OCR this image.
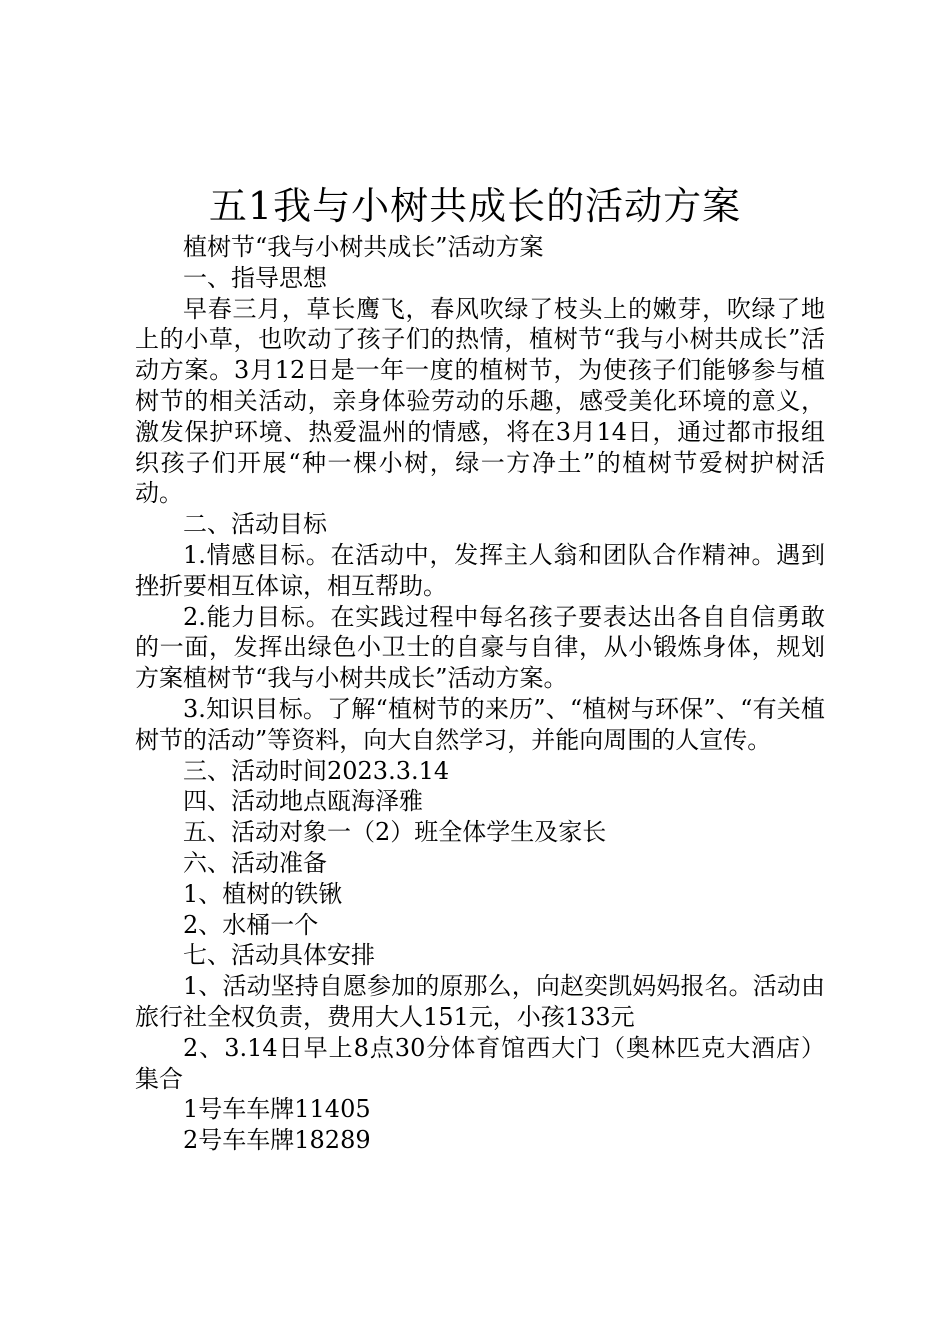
五1我与小树共成长的活动方案

植树节“我与小树共成长”活动方案

一、指导思想

早春三月，草长鹰飞，春风吹绿了枝头上的嫩芽，吹绿了地上的小草，也吹动了孩子们的热情，植树节“我与小树共成长”活动方案。3月12日是一年一度的植树节，为使孩子们能够参与植树节的相关活动，亲身体验劳动的乐趣，感受美化环境的意义，激发保护环境、热爱温州的情感，将在3月14日，通过都市报组织孩子们开展“种一棵小树，绿一方净土”的植树节爱树护树活动。

二、活动目标

1.情感目标。在活动中，发挥主人翁和团队合作精神。遇到挫折要相互体谅，相互帮助。

2.能力目标。在实践过程中每名孩子要表达出各自自信勇敢的一面，发挥出绿色小卫士的自豪与自律，从小锻炼身体，规划方案植树节“我与小树共成长”活动方案。

3.知识目标。了解“植树节的来历”、“植树与环保”、“有关植树节的活动”等资料，向大自然学习，并能向周围的人宣传。

三、活动时间2023.3.14

四、活动地点瓯海泽雅

五、活动对象一（2）班全体学生及家长

六、活动准备

1、植树的铁锹

2、水桶一个

七、活动具体安排

1、活动坚持自愿参加的原那么，向赵奕凯妈妈报名。活动由旅行社全权负责，费用大人151元，小孩133元

2、3.14日早上8点30分体育馆西大门（奥林匹克大酒店）集合

1号车车牌11405

2号车车牌18289
